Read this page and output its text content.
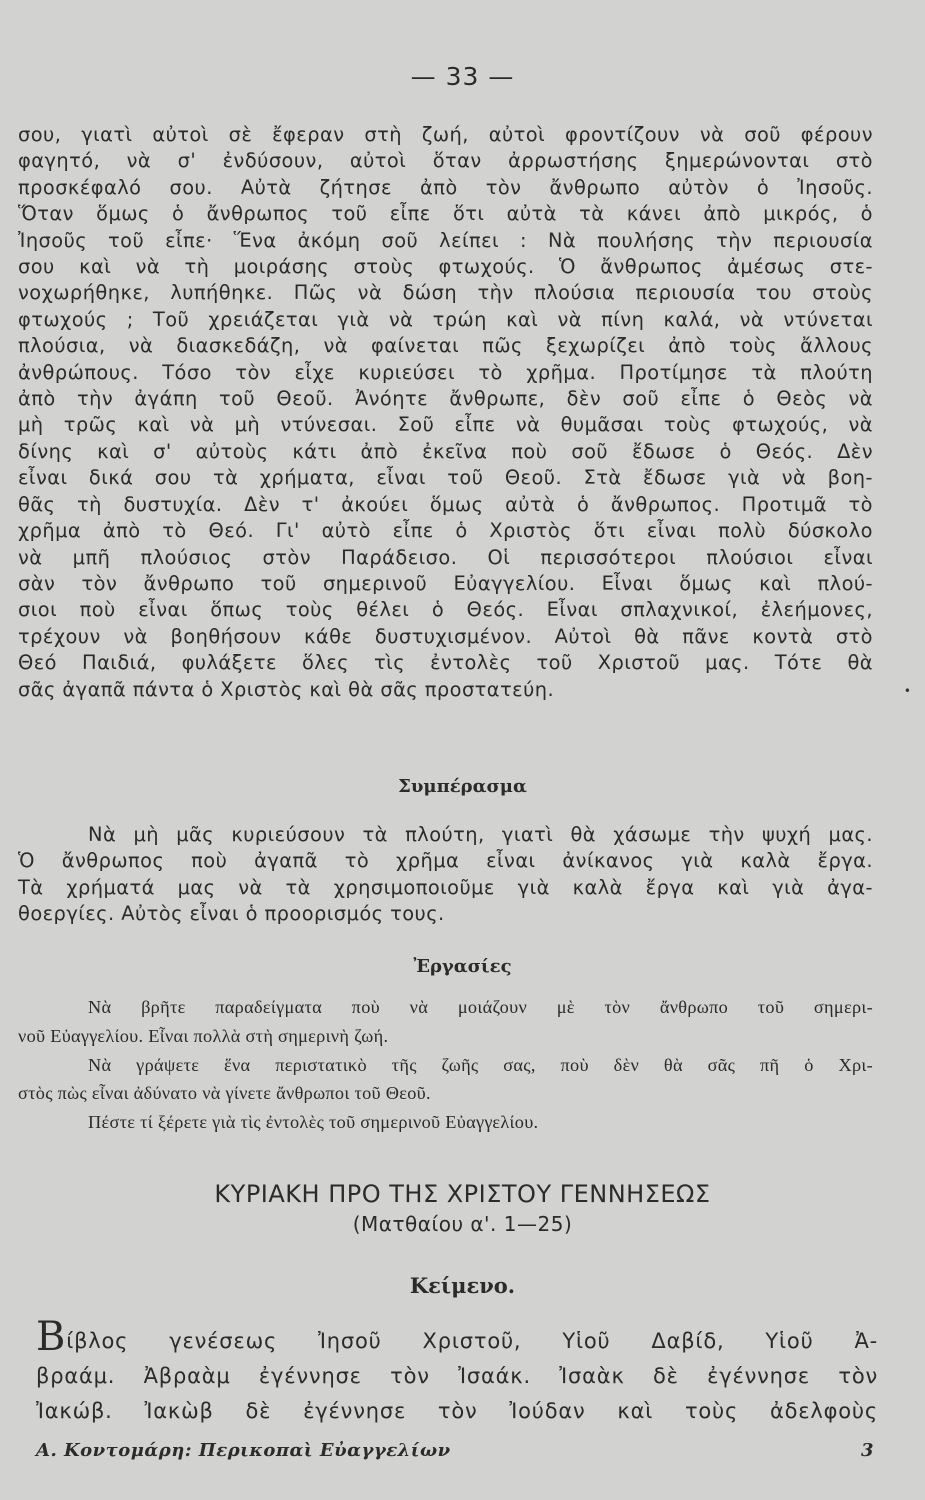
— 33 —
σου, γιατὶ αὐτοὶ σὲ ἔφεραν στὴ ζωή, αὐτοὶ φροντίζουν νὰ σοῦ φέρουν
φαγητό, νὰ σ' ἐνδύσουν, αὐτοὶ ὅταν ἀρρωστήσης ξημερώνονται στὸ
προσκέφαλό σου. Αὐτὰ ζήτησε ἀπὸ τὸν ἄνθρωπο αὐτὸν ὁ Ἰησοῦς.
Ὅταν ὅμως ὁ ἄνθρωπος τοῦ εἶπε ὅτι αὐτὰ τὰ κάνει ἀπὸ μικρός, ὁ
Ἰησοῦς τοῦ εἶπε· Ἕνα ἀκόμη σοῦ λείπει : Νὰ πουλήσης τὴν περιουσία
σου καὶ νὰ τὴ μοιράσης στοὺς φτωχούς. Ὁ ἄνθρωπος ἀμέσως στε-
νοχωρήθηκε, λυπήθηκε. Πῶς νὰ δώση τὴν πλούσια περιουσία του στοὺς
φτωχούς ; Τοῦ χρειάζεται γιὰ νὰ τρώη καὶ νὰ πίνη καλά, νὰ ντύνεται
πλούσια, νὰ διασκεδάζη, νὰ φαίνεται πῶς ξεχωρίζει ἀπὸ τοὺς ἄλλους
ἀνθρώπους. Τόσο τὸν εἶχε κυριεύσει τὸ χρῆμα. Προτίμησε τὰ πλούτη
ἀπὸ τὴν ἀγάπη τοῦ Θεοῦ. Ἀνόητε ἄνθρωπε, δὲν σοῦ εἶπε ὁ Θεὸς νὰ
μὴ τρῶς καὶ νὰ μὴ ντύνεσαι. Σοῦ εἶπε νὰ θυμᾶσαι τοὺς φτωχούς, νὰ
δίνης καὶ σ' αὐτοὺς κάτι ἀπὸ ἐκεῖνα ποὺ σοῦ ἔδωσε ὁ Θεός. Δὲν
εἶναι δικά σου τὰ χρήματα, εἶναι τοῦ Θεοῦ. Στὰ ἔδωσε γιὰ νὰ βοη-
θᾶς τὴ δυστυχία. Δὲν τ' ἀκούει ὅμως αὐτὰ ὁ ἄνθρωπος. Προτιμᾶ τὸ
χρῆμα ἀπὸ τὸ Θεό. Γι' αὐτὸ εἶπε ὁ Χριστὸς ὅτι εἶναι πολὺ δύσκολο
νὰ μπῆ πλούσιος στὸν Παράδεισο. Οἱ περισσότεροι πλούσιοι εἶναι
σὰν τὸν ἄνθρωπο τοῦ σημερινοῦ Εὐαγγελίου. Εἶναι ὅμως καὶ πλού-
σιοι ποὺ εἶναι ὅπως τοὺς θέλει ὁ Θεός. Εἶναι σπλαχνικοί, ἐλεήμονες,
τρέχουν νὰ βοηθήσουν κάθε δυστυχισμένον. Αὐτοὶ θὰ πᾶνε κοντὰ στὸ
Θεό Παιδιά, φυλάξετε ὅλες τὶς ἐντολὲς τοῦ Χριστοῦ μας. Τότε θὰ
σᾶς ἀγαπᾶ πάντα ὁ Χριστὸς καὶ θὰ σᾶς προστατεύη.	•
Συμπέρασμα
Νὰ μὴ μᾶς κυριεύσουν τὰ πλούτη, γιατὶ θὰ χάσωμε τὴν ψυχή μας.
Ὁ ἄνθρωπος ποὺ ἀγαπᾶ τὸ χρῆμα εἶναι ἀνίκανος γιὰ καλὰ ἔργα.
Τὰ χρήματά μας νὰ τὰ χρησιμοποιοῦμε γιὰ καλὰ ἔργα καὶ γιὰ ἀγα-
θοεργίες. Αὐτὸς εἶναι ὁ προορισμός τους.
Ἐργασίες
Νὰ βρῆτε παραδείγματα ποὺ νὰ μοιάζουν μὲ τὸν ἄνθρωπο τοῦ σημερι-
νοῦ Εὐαγγελίου. Εἶναι πολλὰ στὴ σημερινὴ ζωή.
Νὰ γράψετε ἕνα περιστατικὸ τῆς ζωῆς σας, ποὺ δὲν θὰ σᾶς πῆ ὁ Χρι-
στὸς πὼς εἶναι ἀδύνατο νὰ γίνετε ἄνθρωποι τοῦ Θεοῦ.
Πέστε τί ξέρετε γιὰ τὶς ἐντολὲς τοῦ σημερινοῦ Εὐαγγελίου.
ΚΥΡΙΑΚΗ ΠΡΟ ΤΗΣ ΧΡΙΣΤΟΥ ΓΕΝΝΗΣΕΩΣ
(Ματθαίου α'. 1—25)
Κείμενο.
Βίβλος γενέσεως Ἰησοῦ Χριστοῦ, Υἱοῦ Δαβίδ, Υἱοῦ Ἀ-
βραάμ. Ἀβραὰμ ἐγέννησε τὸν Ἰσαάκ. Ἰσαὰκ δὲ ἐγέννησε τὸν
Ἰακώβ. Ἰακὼβ δὲ ἐγέννησε τὸν Ἰούδαν καὶ τοὺς ἀδελφοὺς
Α. Κοντομάρη: Περικοπαὶ Εὐαγγελίων	3
